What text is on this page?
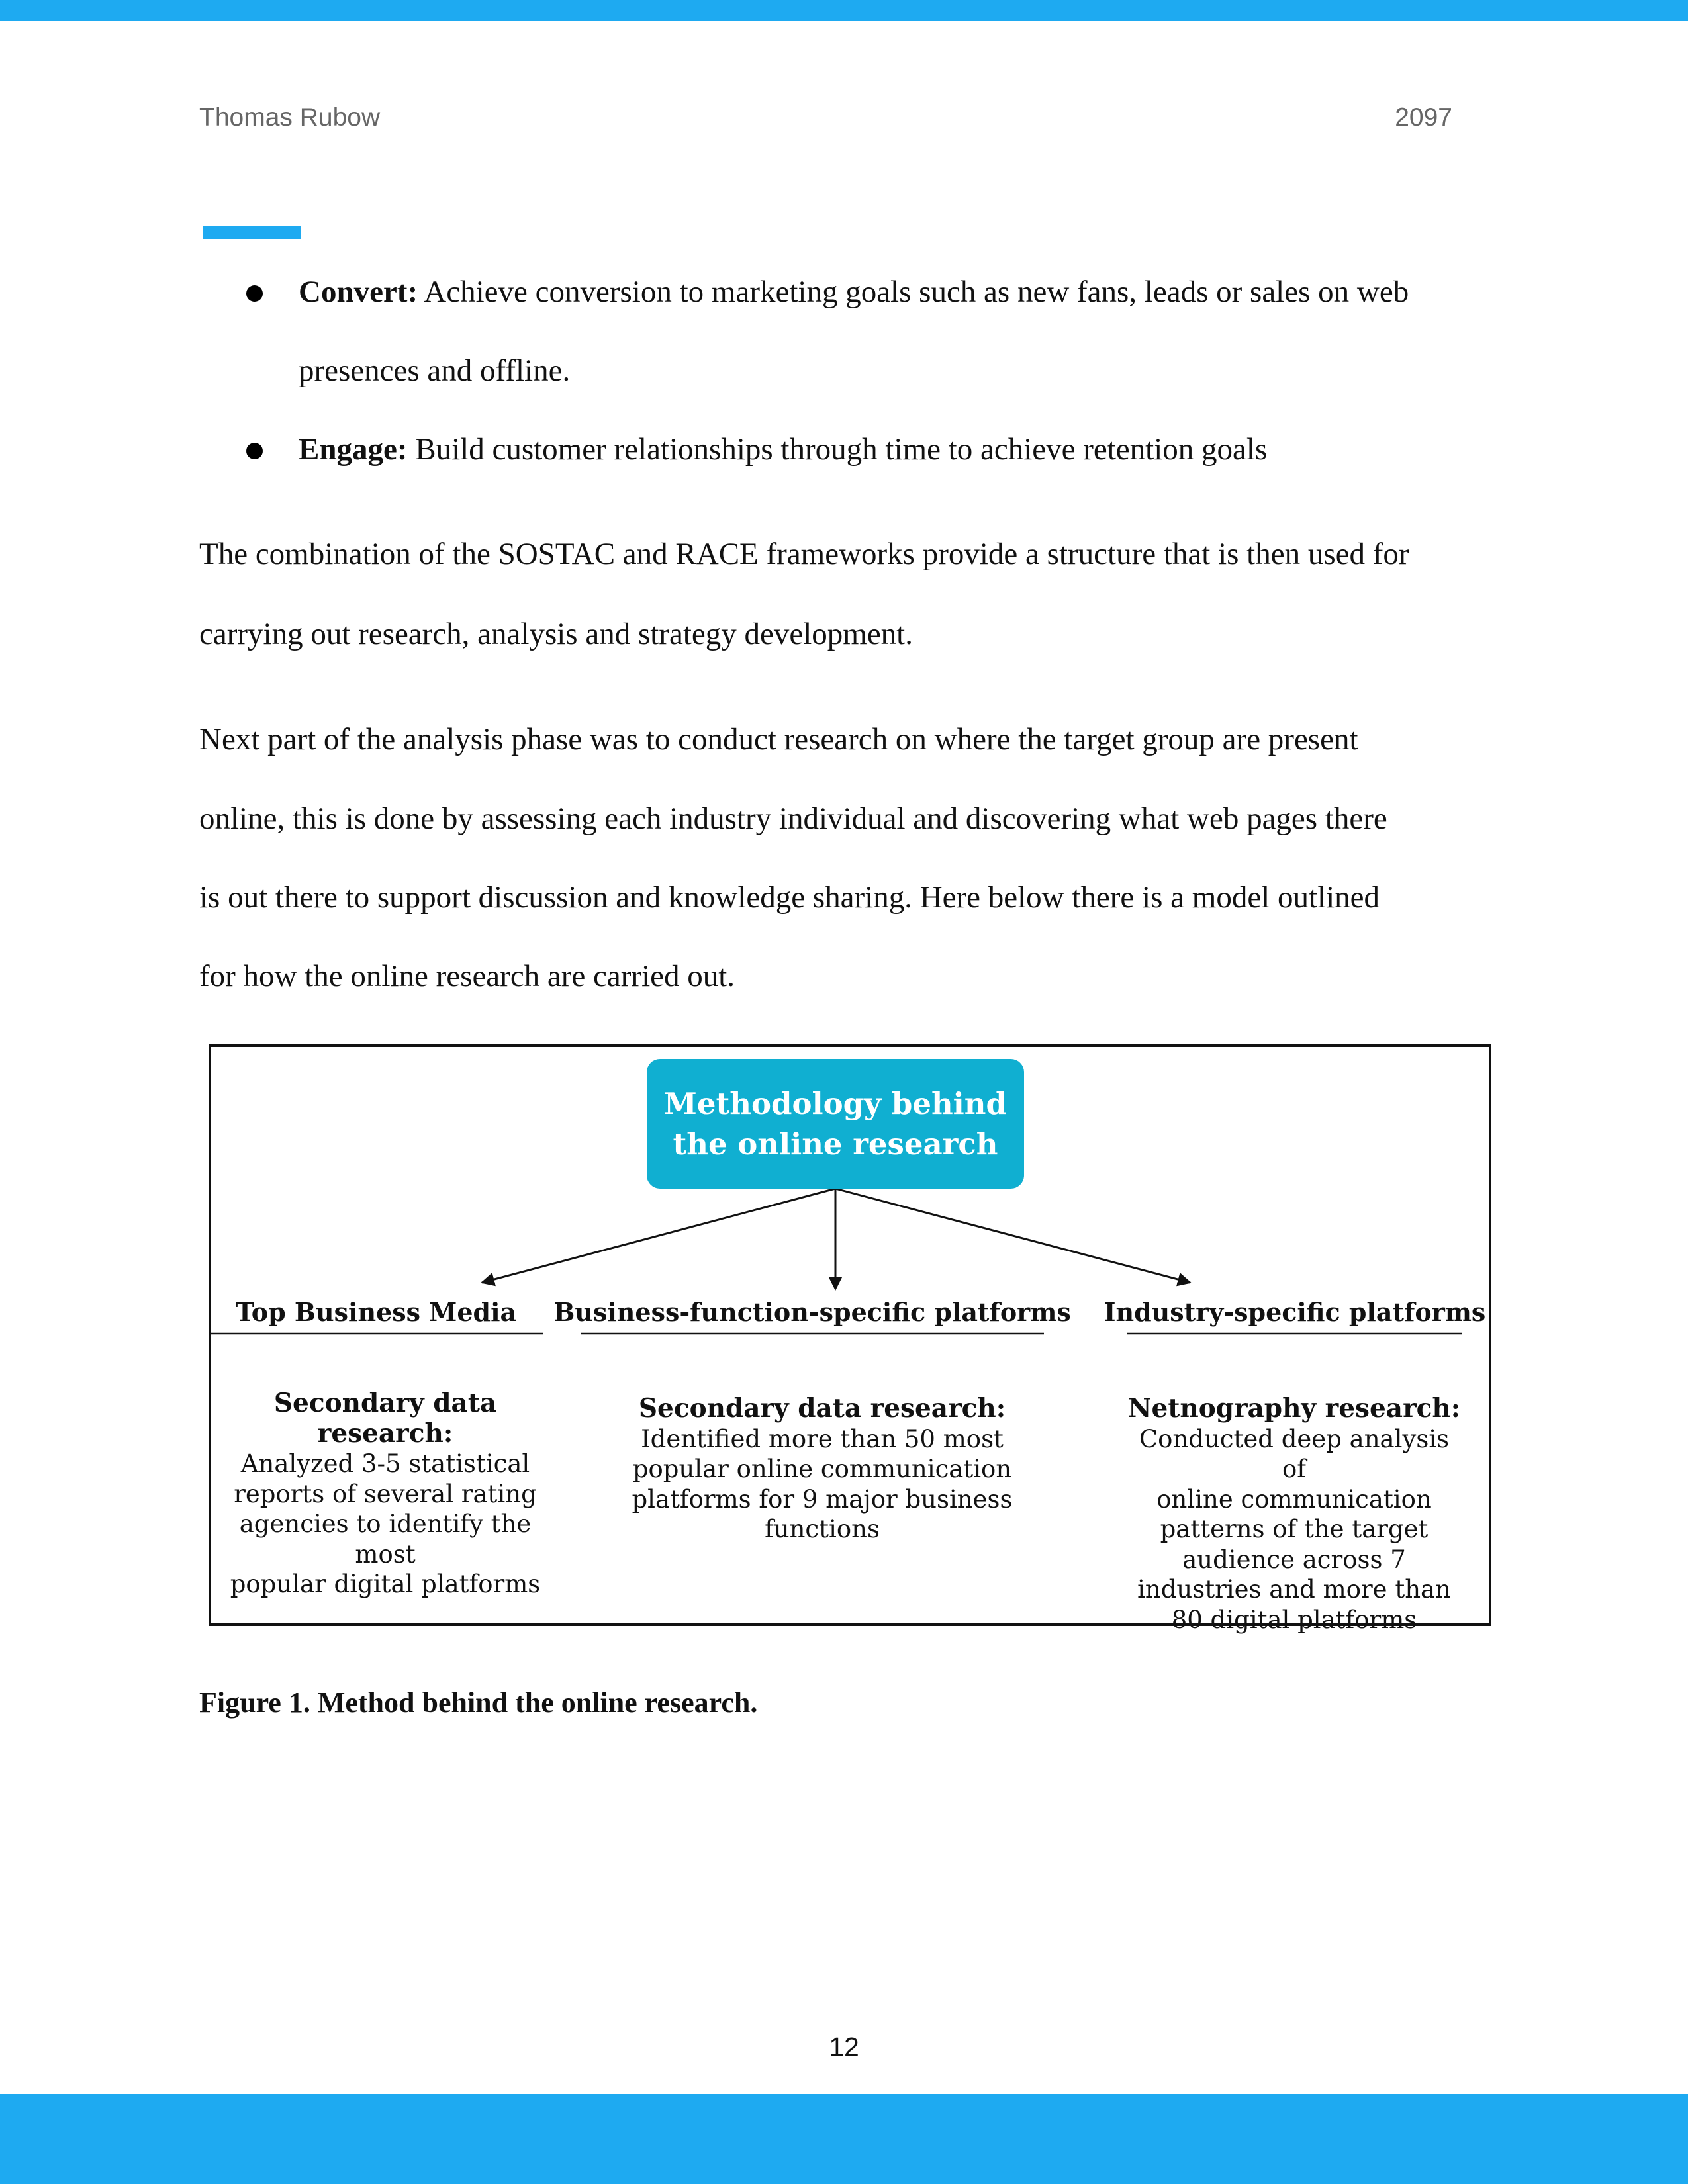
Thomas Rubow	2097
Convert: Achieve conversion to marketing goals such as new fans, leads or sales on web
presences and offline.
Engage: Build customer relationships through time to achieve retention goals
The combination of the SOSTAC and RACE frameworks provide a structure that is then used for
carrying out research, analysis and strategy development.
Next part of the analysis phase was to conduct research on where the target group are present
online, this is done by assessing each industry individual and discovering what web pages there
is out there to support discussion and knowledge sharing. Here below there is a model outlined
for how the online research are carried out.
Methodology behind
the online research
Top Business Media Business-function-specific platforms Industry-specific platforms
Secondary data
research:
Analyzed 3-5 statistical
reports of several rating
agencies to identify the most
popular digital platforms
Secondary data research:
Identified more than 50 most
popular online communication
platforms for 9 major business
functions
Netnography research:
Conducted deep analysis of
online communication
patterns of the target
audience across 7
industries and more than
80 digital platforms
Figure 1. Method behind the online research.
12
